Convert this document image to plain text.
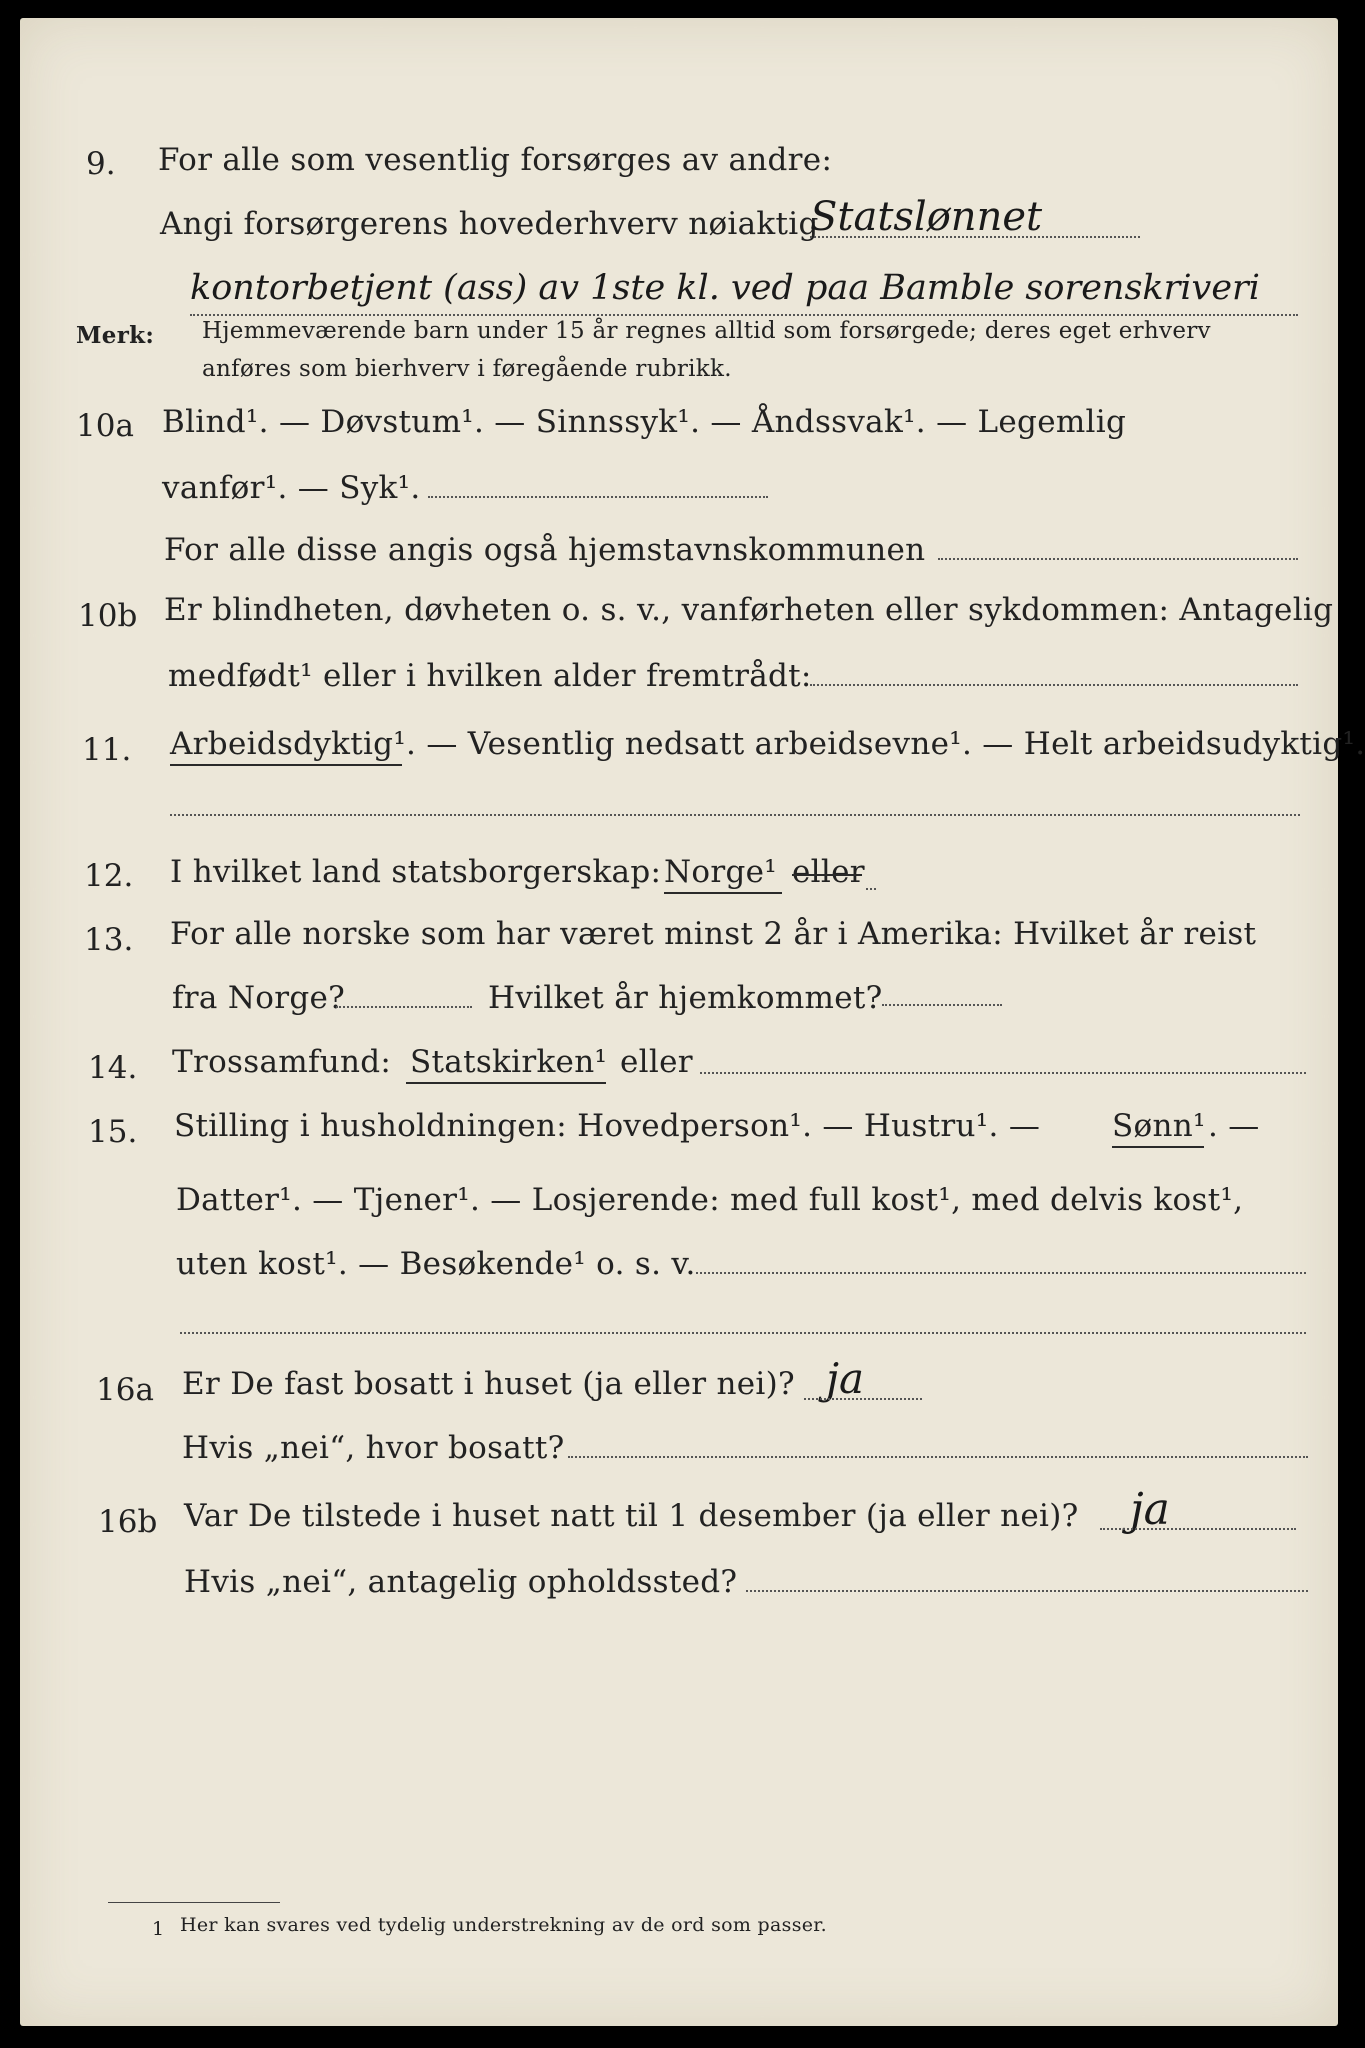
9. For alle som vesentlig forsørges av andre:
Angi forsørgerens hovederhverv nøiaktig
Statslønnet
kontorbetjent (ass) av 1ste kl. ved paa Bamble sorenskriveri
Merk: Hjemmeværende barn under 15 år regnes alltid som forsørgede; deres eget erhverv
anføres som bierhverv i føregående rubrikk.
10a Blind¹. — Døvstum¹. — Sinnssyk¹. — Åndssvak¹. — Legemlig
vanfør¹. — Syk¹.
For alle disse angis også hjemstavnskommunen
10b Er blindheten, døvheten o. s. v., vanførheten eller sykdommen: Antagelig
medfødt¹ eller i hvilken alder fremtrådt:
11. Arbeidsdyktig¹. — Vesentlig nedsatt arbeidsevne¹. — Helt arbeidsudyktig¹.
12. I hvilket land statsborgerskap: Norge¹ eller
13. For alle norske som har været minst 2 år i Amerika: Hvilket år reist
fra Norge?	Hvilket år hjemkommet?
14. Trossamfund: Statskirken¹ eller
15. Stilling i husholdningen: Hovedperson¹. — Hustru¹. — Sønn¹ . —
Datter¹. — Tjener¹. — Losjerende: med full kost¹, med delvis kost¹,
uten kost¹. — Besøkende¹ o. s. v.
16a Er De fast bosatt i huset (ja eller nei)? ja
Hvis „nei“, hvor bosatt?
16b Var De tilstede i huset natt til 1 desember (ja eller nei)? ja
Hvis „nei“, antagelig opholdssted?
1 Her kan svares ved tydelig understrekning av de ord som passer.
